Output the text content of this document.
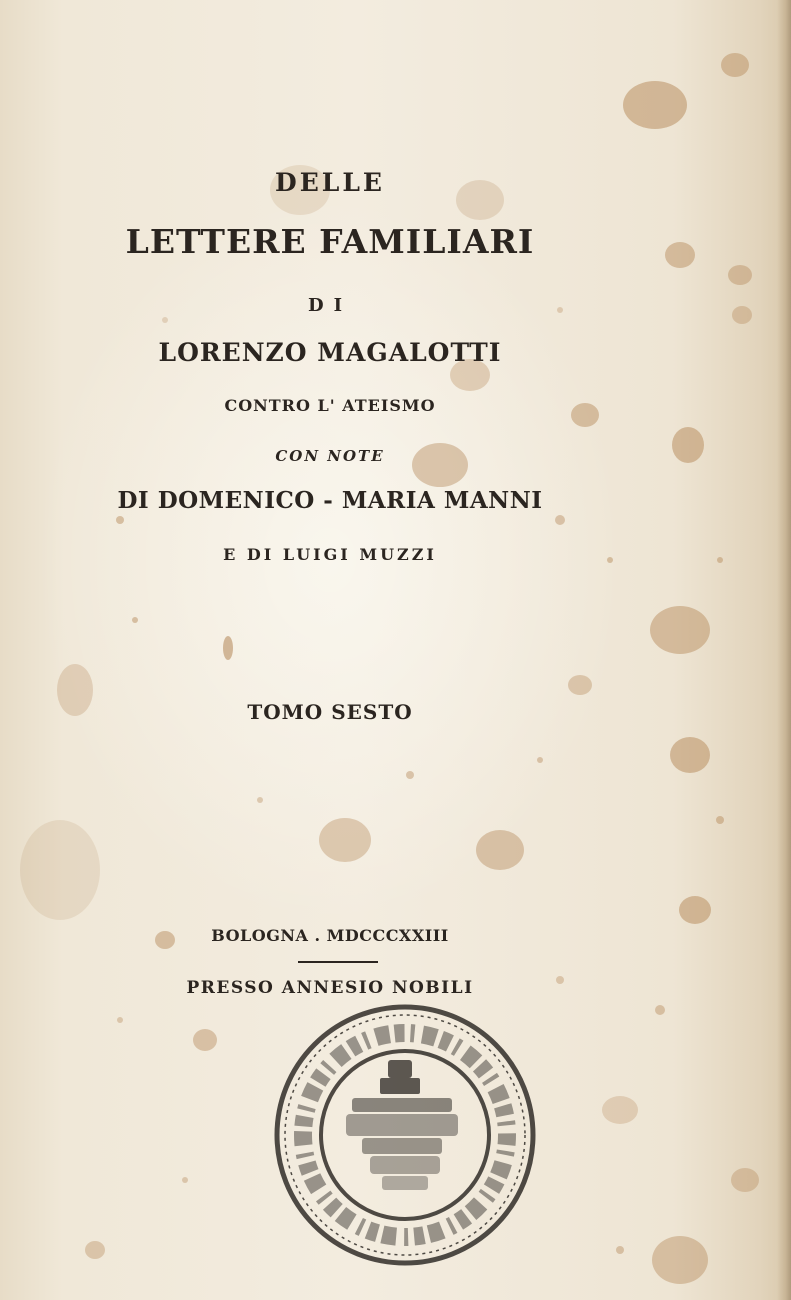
DELLE
LETTERE FAMILIARI
DI
LORENZO MAGALOTTI
CONTRO L' ATEISMO
CON NOTE
DI DOMENICO - MARIA MANNI
E DI LUIGI MUZZI
TOMO SESTO
BOLOGNA . MDCCCXXIII
PRESSO ANNESIO NOBILI
